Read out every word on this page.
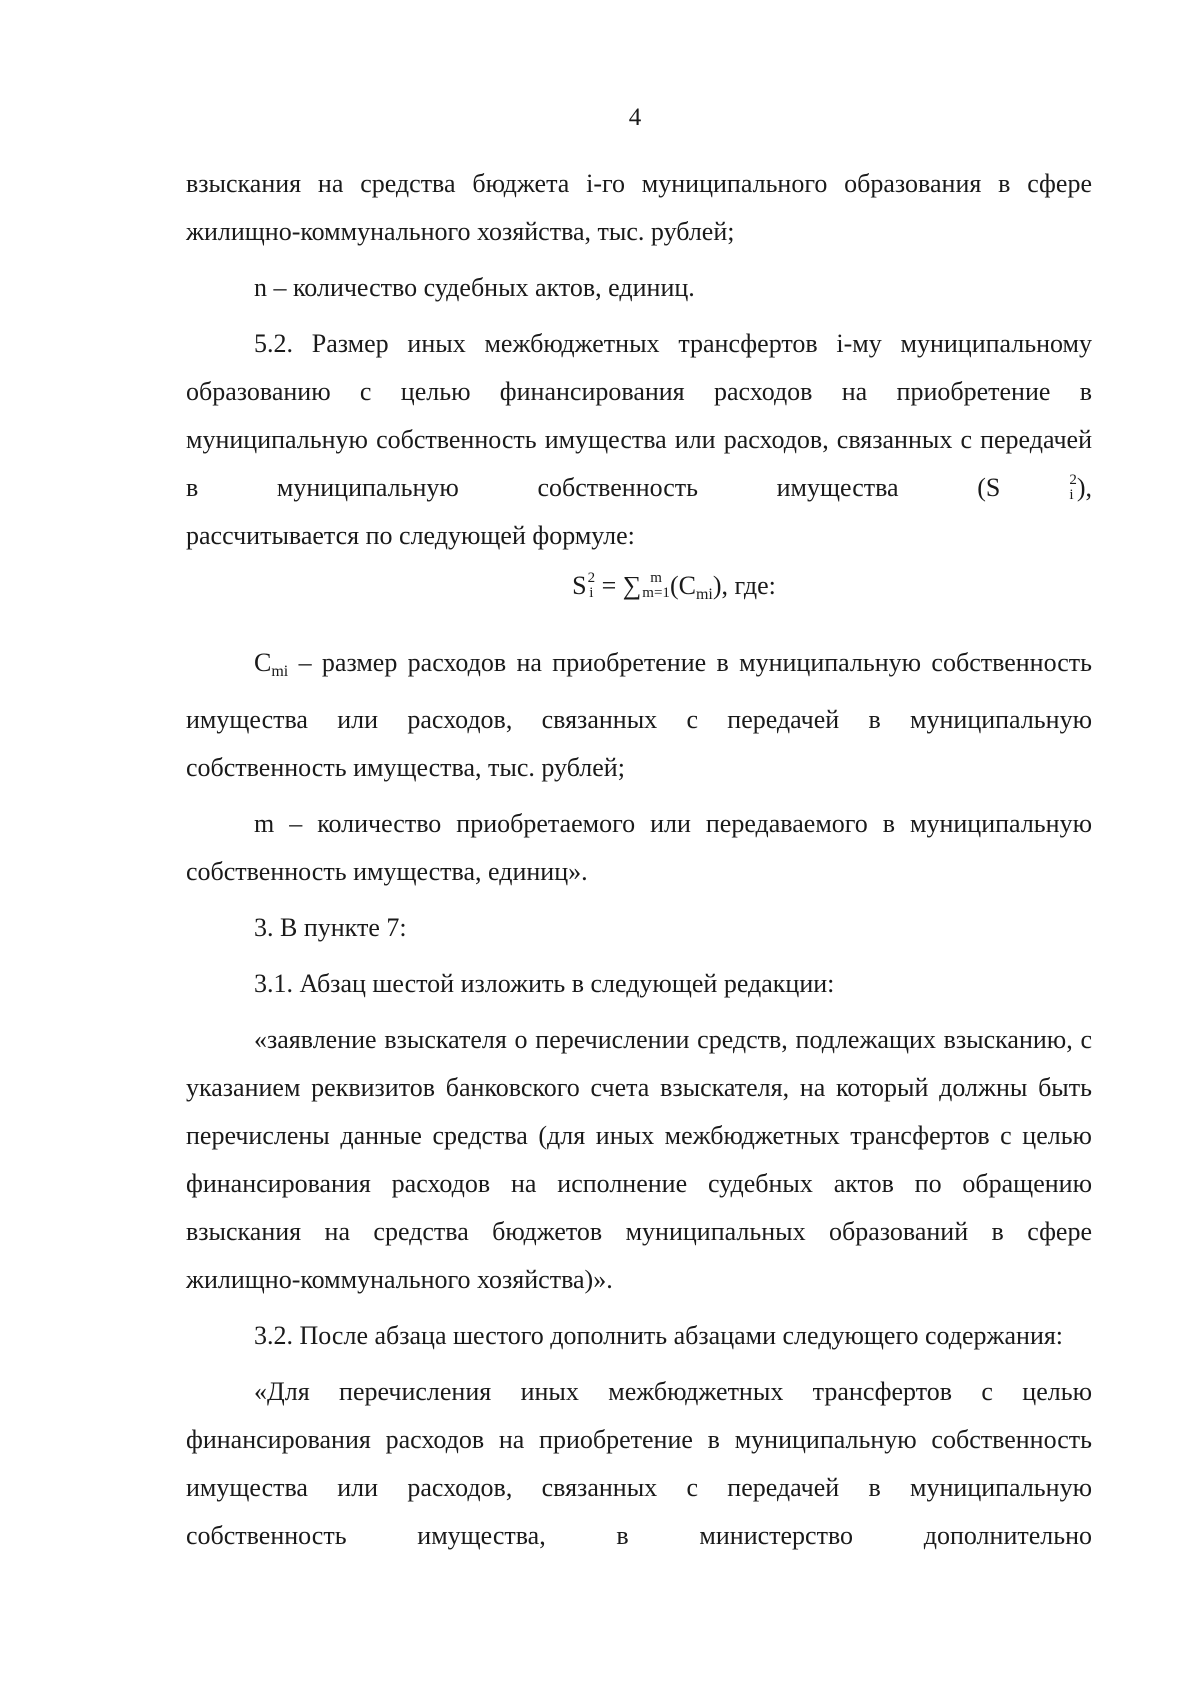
4

взыскания на средства бюджета i-го муниципального образования в сфере жилищно-коммунального хозяйства, тыс. рублей;

n – количество судебных актов, единиц.

5.2. Размер иных межбюджетных трансфертов i-му муниципальному образованию с целью финансирования расходов на приобретение в муниципальную собственность имущества или расходов, связанных с передачей в муниципальную собственность имущества	(S	2
i ),

рассчитывается по следующей формуле:

S 2
i = ∑ m
m=1 (Cmi), где:

Cmi – размер расходов на приобретение в муниципальную собственность имущества или расходов, связанных с передачей в муниципальную собственность имущества, тыс. рублей;

m – количество приобретаемого или передаваемого в муниципальную собственность имущества, единиц».

3. В пункте 7:

3.1. Абзац шестой изложить в следующей редакции:

«заявление взыскателя о перечислении средств, подлежащих взысканию, с указанием реквизитов банковского счета взыскателя, на который должны быть перечислены данные средства (для иных межбюджетных трансфертов с целью финансирования расходов на исполнение судебных актов по обращению взыскания на средства бюджетов муниципальных образований в сфере жилищно-коммунального хозяйства)».

3.2. После абзаца шестого дополнить абзацами следующего содержания:

«Для перечисления иных межбюджетных трансфертов с целью финансирования расходов на приобретение в муниципальную собственность имущества или расходов, связанных с передачей в муниципальную собственность имущества, в министерство дополнительно
